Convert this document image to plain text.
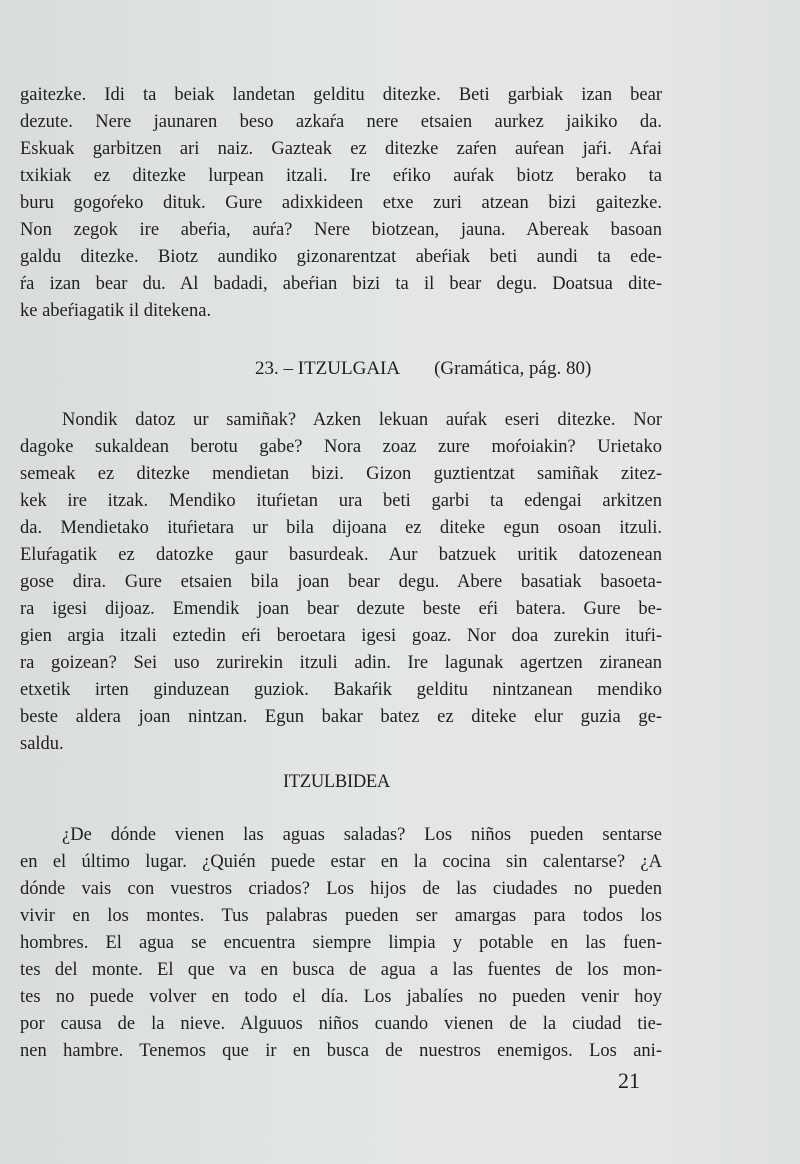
gaitezke. Idi ta beiak landetan gelditu ditezke. Beti garbiak izan bear
dezute. Nere jaunaren beso azkaŕa nere etsaien aurkez jaikiko da.
Eskuak garbitzen ari naiz. Gazteak ez ditezke zaŕen auŕean jaŕi. Aŕai
txikiak ez ditezke lurpean itzali. Ire eŕiko auŕak biotz berako ta
buru gogoŕeko dituk. Gure adixkideen etxe zuri atzean bizi gaitezke.
Non zegok ire abeŕia, auŕa? Nere biotzean, jauna. Abereak basoan
galdu ditezke. Biotz aundiko gizonarentzat abeŕiak beti aundi ta ede-
ŕa izan bear du. Al badadi, abeŕian bizi ta il bear degu. Doatsua dite-
ke abeŕiagatik il ditekena.
23. – ITZULGAIA (Gramática, pág. 80)
Nondik datoz ur samiñak? Azken lekuan auŕak eseri ditezke. Nor
dagoke sukaldean berotu gabe? Nora zoaz zure moŕoiakin? Urietako
semeak ez ditezke mendietan bizi. Gizon guztientzat samiñak zitez-
kek ire itzak. Mendiko ituŕietan ura beti garbi ta edengai arkitzen
da. Mendietako ituŕietara ur bila dijoana ez diteke egun osoan itzuli.
Eluŕagatik ez datozke gaur basurdeak. Aur batzuek uritik datozenean
gose dira. Gure etsaien bila joan bear degu. Abere basatiak basoeta-
ra igesi dijoaz. Emendik joan bear dezute beste eŕi batera. Gure be-
gien argia itzali eztedin eŕi beroetara igesi goaz. Nor doa zurekin ituŕi-
ra goizean? Sei uso zurirekin itzuli adin. Ire lagunak agertzen ziranean
etxetik irten ginduzean guziok. Bakaŕik gelditu nintzanean mendiko
beste aldera joan nintzan. Egun bakar batez ez diteke elur guzia ge-
saldu.
ITZULBIDEA
¿De dónde vienen las aguas saladas? Los niños pueden sentarse
en el último lugar. ¿Quién puede estar en la cocina sin calentarse? ¿A
dónde vais con vuestros criados? Los hijos de las ciudades no pueden
vivir en los montes. Tus palabras pueden ser amargas para todos los
hombres. El agua se encuentra siempre limpia y potable en las fuen-
tes del monte. El que va en busca de agua a las fuentes de los mon-
tes no puede volver en todo el día. Los jabalíes no pueden venir hoy
por causa de la nieve. Alguuos niños cuando vienen de la ciudad tie-
nen hambre. Tenemos que ir en busca de nuestros enemigos. Los ani-
21
